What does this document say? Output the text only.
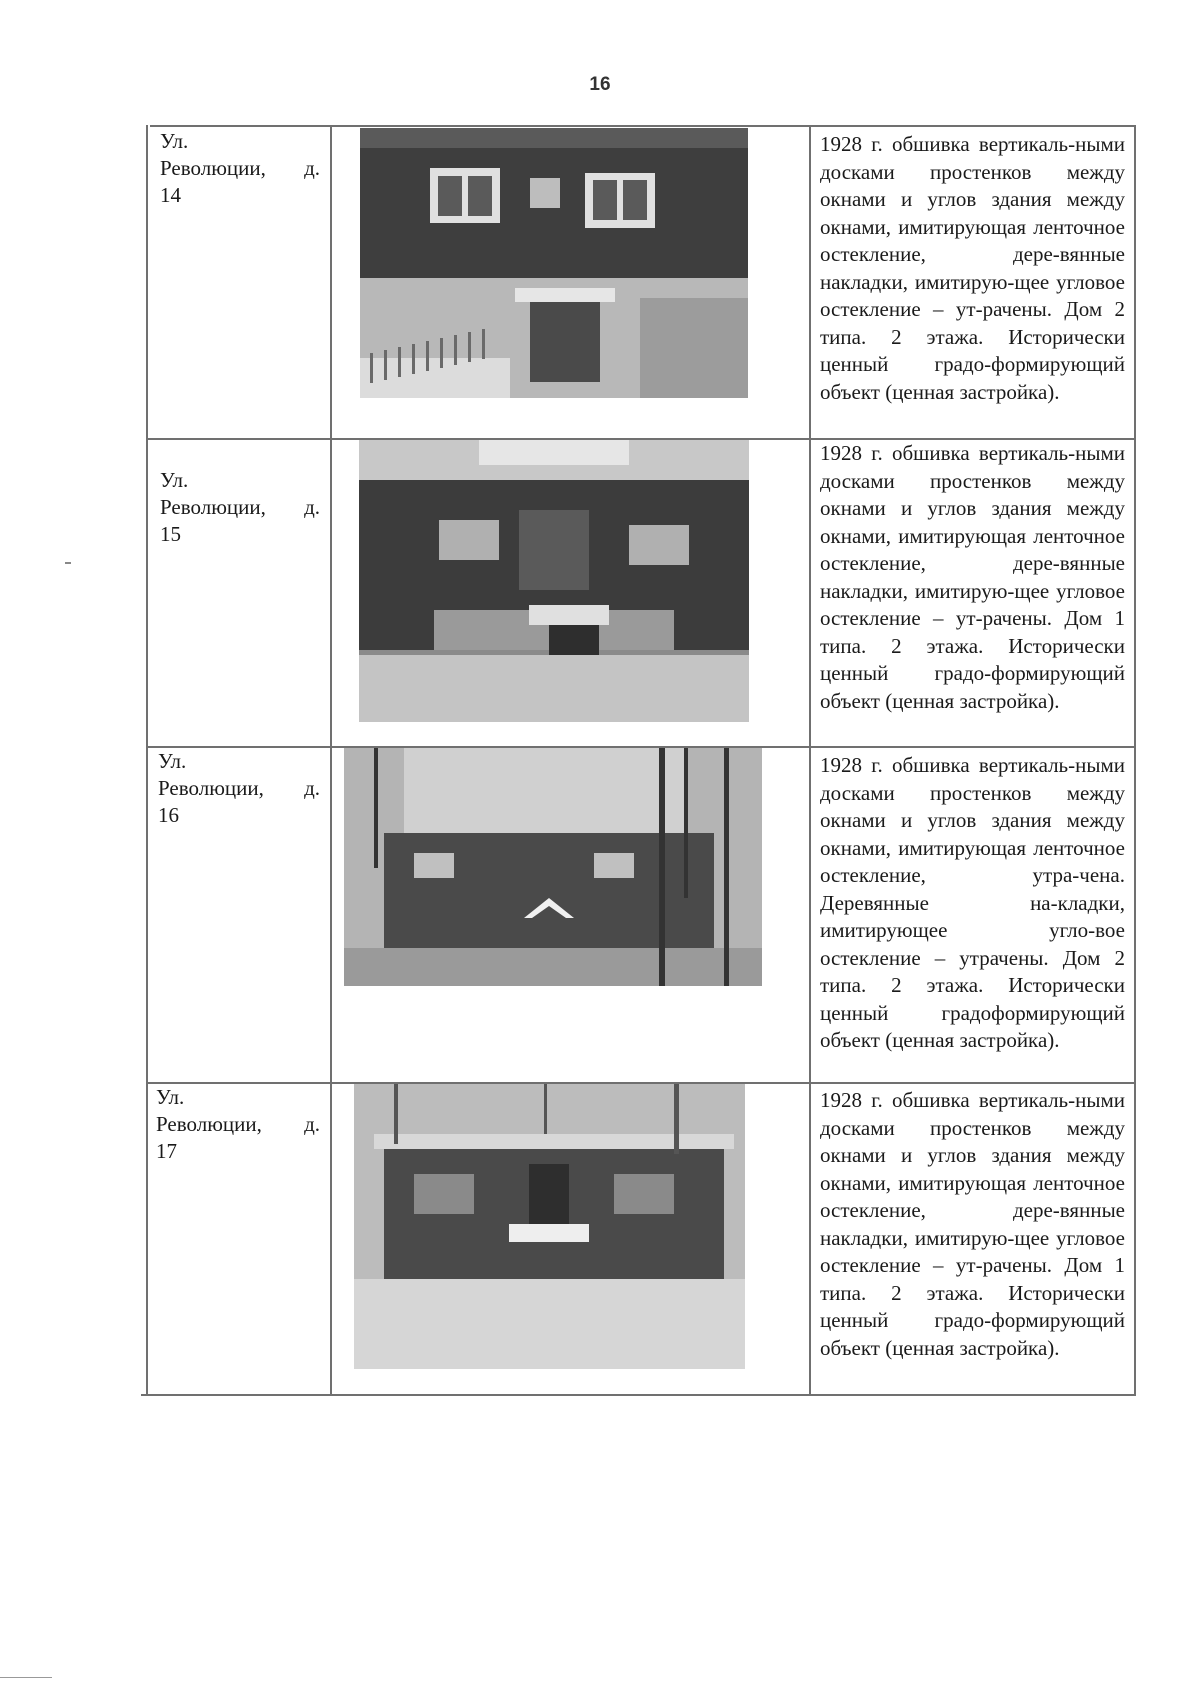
16
Ул.
Революции, д.
14
1928 г. обшивка вертикаль-ными досками простенков между окнами и углов здания между окнами, имитирующая ленточное остекление, дере-вянные накладки, имитирую-щее угловое остекление – ут-рачены. Дом 2 типа. 2 этажа. Исторически ценный градо-формирующий объект (ценная застройка).
Ул.
Революции, д.
15
1928 г. обшивка вертикаль-ными досками простенков между окнами и углов здания между окнами, имитирующая ленточное остекление, дере-вянные накладки, имитирую-щее угловое остекление – ут-рачены. Дом 1 типа. 2 этажа. Исторически ценный градо-формирующий объект (ценная застройка).
Ул.
Революции, д.
16
1928 г. обшивка вертикаль-ными досками простенков между окнами и углов здания между окнами, имитирующая ленточное остекление, утра-чена. Деревянные на-кладки, имитирующее угло-вое остекление – утрачены. Дом 2 типа. 2 этажа. Исторически ценный градоформирующий объект (ценная застройка).
Ул.
Революции, д.
17
1928 г. обшивка вертикаль-ными досками простенков между окнами и углов здания между окнами, имитирующая ленточное остекление, дере-вянные накладки, имитирую-щее угловое остекление – ут-рачены. Дом 1 типа. 2 этажа. Исторически ценный градо-формирующий объект (ценная застройка).
